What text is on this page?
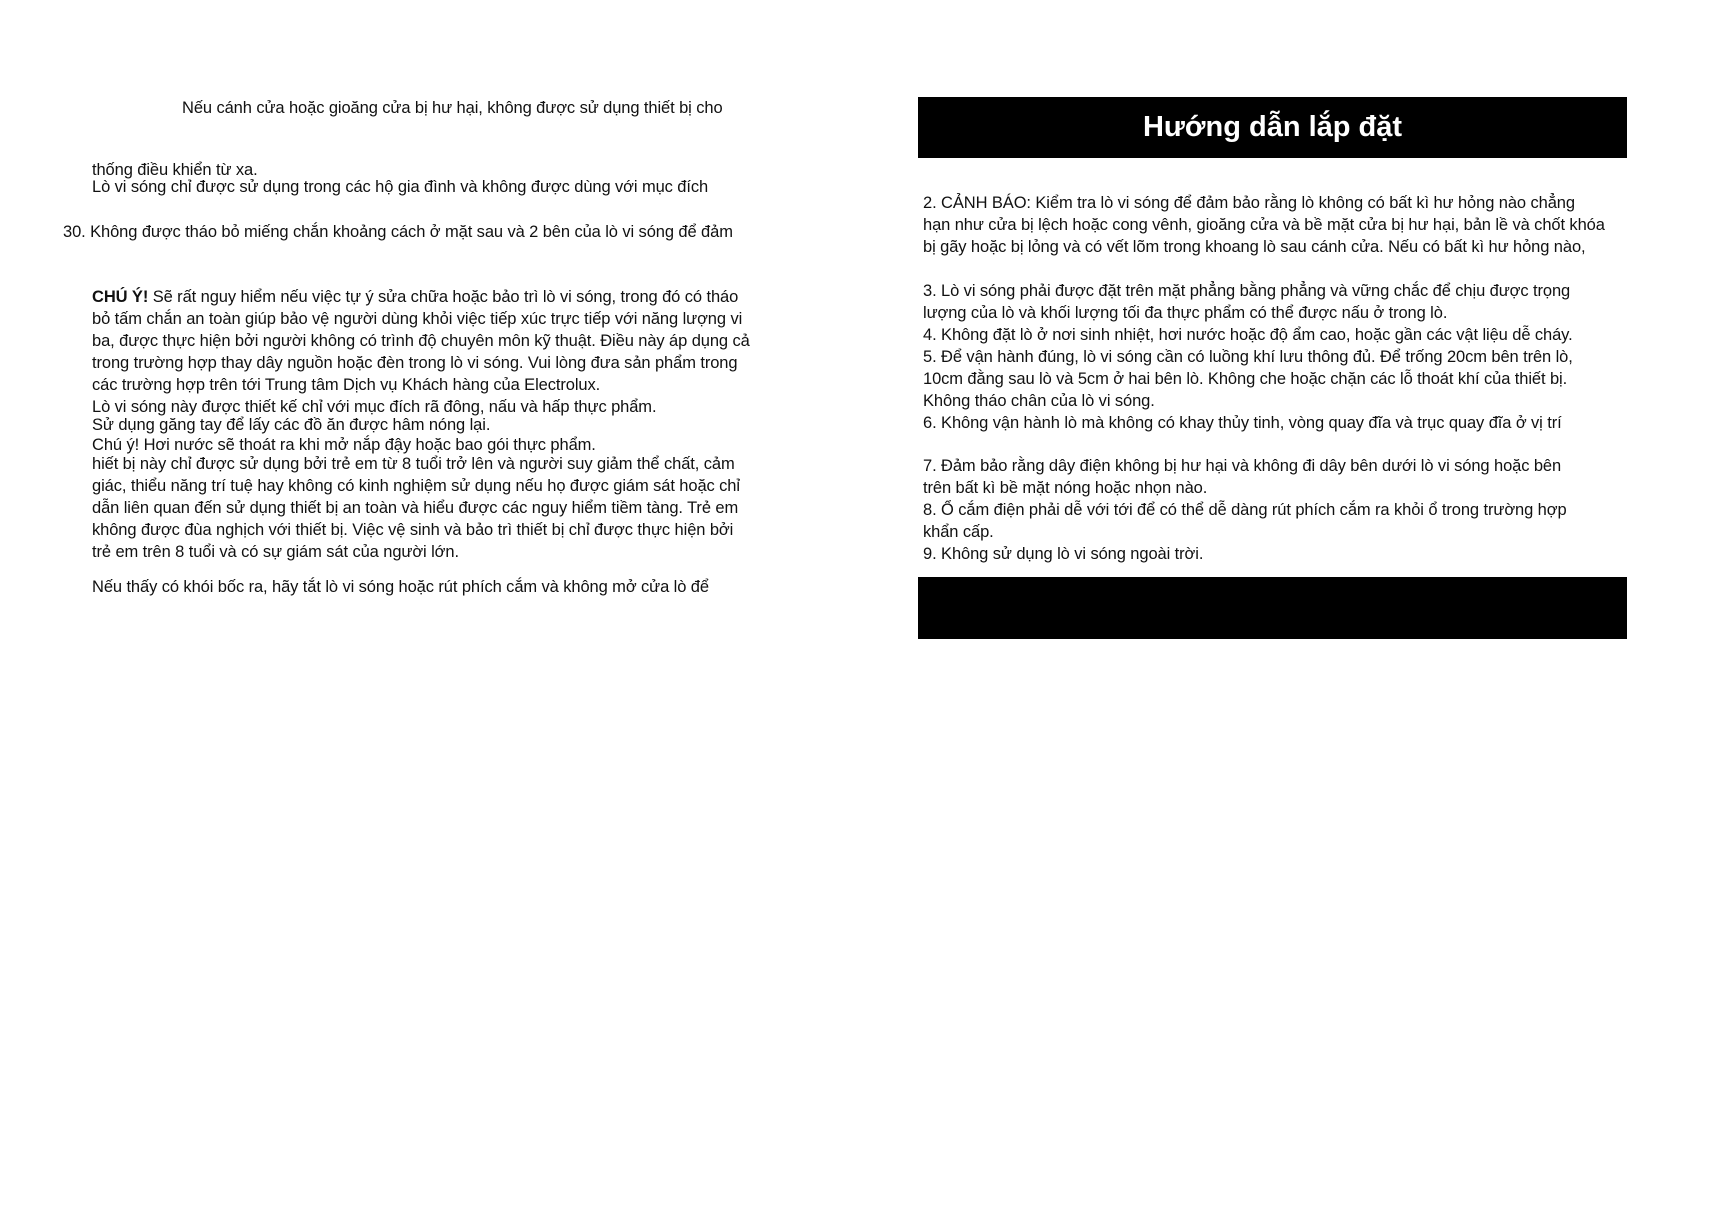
Nếu cánh cửa hoặc gioăng cửa bị hư hại, không được sử dụng thiết bị cho
thống điều khiển từ xa.
Lò vi sóng chỉ được sử dụng trong các hộ gia đình và không được dùng với mục đích
30. Không được tháo bỏ miếng chắn khoảng cách ở mặt sau và 2 bên của lò vi sóng để đảm
CHÚ Ý! Sẽ rất nguy hiểm nếu việc tự ý sửa chữa hoặc bảo trì lò vi sóng, trong đó có tháo
bỏ tấm chắn an toàn giúp bảo vệ người dùng khỏi việc tiếp xúc trực tiếp với năng lượng vi
ba, được thực hiện bởi người không có trình độ chuyên môn kỹ thuật. Điều này áp dụng cả
trong trường hợp thay dây nguồn hoặc đèn trong lò vi sóng. Vui lòng đưa sản phẩm trong
các trường hợp trên tới Trung tâm Dịch vụ Khách hàng của Electrolux.
Lò vi sóng này được thiết kế chỉ với mục đích rã đông, nấu và hấp thực phẩm.
Sử dụng găng tay để lấy các đồ ăn được hâm nóng lại.
Chú ý! Hơi nước sẽ thoát ra khi mở nắp đậy hoặc bao gói thực phẩm.
hiết bị này chỉ được sử dụng bởi trẻ em từ 8 tuổi trở lên và người suy giảm thể chất, cảm
giác, thiểu năng trí tuệ hay không có kinh nghiệm sử dụng nếu họ được giám sát hoặc chỉ
dẫn liên quan đến sử dụng thiết bị an toàn và hiểu được các nguy hiểm tiềm tàng. Trẻ em
không được đùa nghịch với thiết bị. Việc vệ sinh và bảo trì thiết bị chỉ được thực hiện bởi
trẻ em trên 8 tuổi và có sự giám sát của người lớn.
Nếu thấy có khói bốc ra, hãy tắt lò vi sóng hoặc rút phích cắm và không mở cửa lò để
Hướng dẫn lắp đặt
2. CẢNH BÁO: Kiểm tra lò vi sóng để đảm bảo rằng lò không có bất kì hư hỏng nào chẳng
hạn như cửa bị lệch hoặc cong vênh, gioăng cửa và bề mặt cửa bị hư hại, bản lề và chốt khóa
bị gãy hoặc bị lỏng và có vết lõm trong khoang lò sau cánh cửa. Nếu có bất kì hư hỏng nào,
3. Lò vi sóng phải được đặt trên mặt phẳng bằng phẳng và vững chắc để chịu được trọng
lượng của lò và khối lượng tối đa thực phẩm có thể được nấu ở trong lò.
4. Không đặt lò ở nơi sinh nhiệt, hơi nước hoặc độ ẩm cao, hoặc gần các vật liệu dễ cháy.
5. Để vận hành đúng, lò vi sóng cần có luồng khí lưu thông đủ. Để trống 20cm bên trên lò,
10cm đằng sau lò và 5cm ở hai bên lò. Không che hoặc chặn các lỗ thoát khí của thiết bị.
Không tháo chân của lò vi sóng.
6. Không vận hành lò mà không có khay thủy tinh, vòng quay đĩa và trục quay đĩa ở vị trí
7. Đảm bảo rằng dây điện không bị hư hại và không đi dây bên dưới lò vi sóng hoặc bên
trên bất kì bề mặt nóng hoặc nhọn nào.
8. Ổ cắm điện phải dễ với tới để có thể dễ dàng rút phích cắm ra khỏi ổ trong trường hợp
khẩn cấp.
9. Không sử dụng lò vi sóng ngoài trời.
